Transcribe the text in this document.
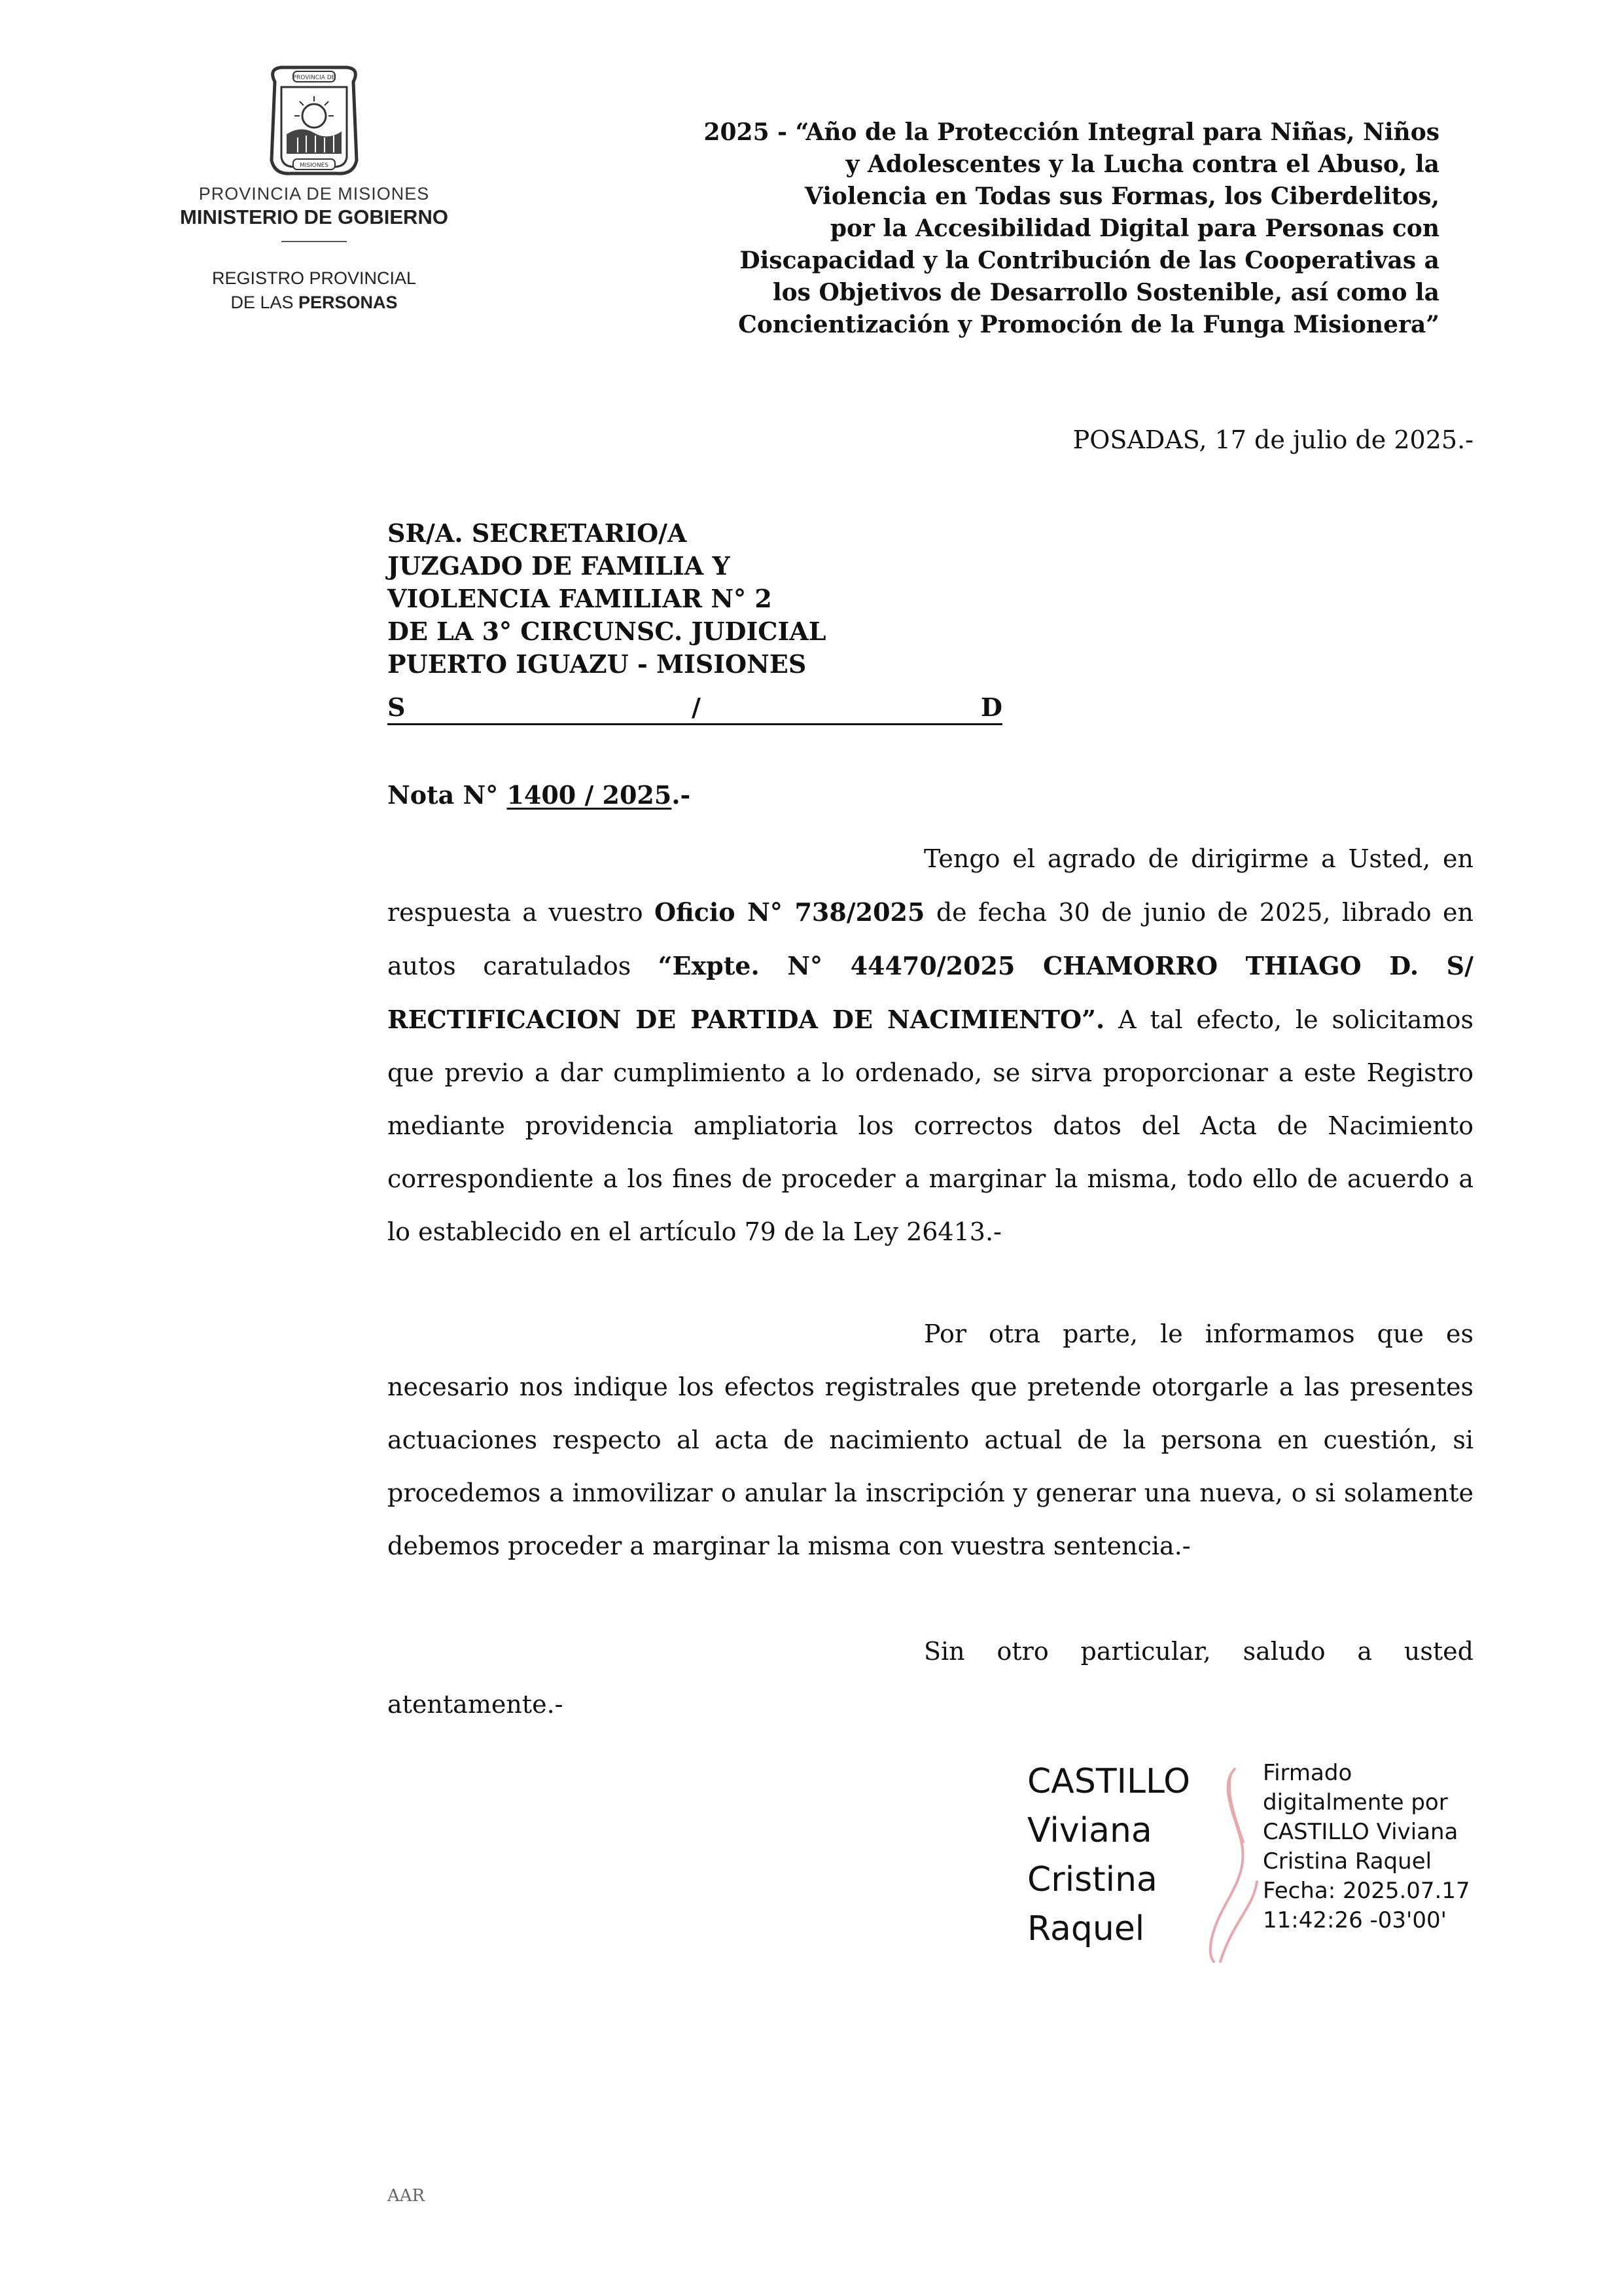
PROVINCIA DE
MISIONES
PROVINCIA DE MISIONES
MINISTERIO DE GOBIERNO
REGISTRO PROVINCIAL
DE LAS PERSONAS
2025 - “Año de la Protección Integral para Niñas, Niños
y Adolescentes y la Lucha contra el Abuso, la
Violencia en Todas sus Formas, los Ciberdelitos,
por la Accesibilidad Digital para Personas con
Discapacidad y la Contribución de las Cooperativas a
los Objetivos de Desarrollo Sostenible, así como la
Concientización y Promoción de la Funga Misionera”
POSADAS, 17 de julio de 2025.-
SR/A. SECRETARIO/A
JUZGADO DE FAMILIA Y
VIOLENCIA FAMILIAR N° 2
DE LA 3° CIRCUNSC. JUDICIAL
PUERTO IGUAZU - MISIONES
S	/	D
Nota N° 1400 / 2025.-
Tengo el agrado de dirigirme a Usted, en respuesta a vuestro Oficio N° 738/2025 de fecha 30 de junio de 2025, librado en autos caratulados “Expte. N° 44470/2025 CHAMORRO THIAGO D. S/ RECTIFICACION DE PARTIDA DE NACIMIENTO”. A tal efecto, le solicitamos que previo a dar cumplimiento a lo ordenado, se sirva proporcionar a este Registro mediante providencia ampliatoria los correctos datos del Acta de Nacimiento correspondiente a los fines de proceder a marginar la misma, todo ello de acuerdo a lo establecido en el artículo 79 de la Ley 26413.-
Por otra parte, le informamos que es necesario nos indique los efectos registrales que pretende otorgarle a las presentes actuaciones respecto al acta de nacimiento actual de la persona en cuestión, si procedemos a inmovilizar o anular la inscripción y generar una nueva, o si solamente debemos proceder a marginar la misma con vuestra sentencia.-
Sin otro particular, saludo a usted atentamente.-
CASTILLO
Viviana
Cristina
Raquel
Firmado
digitalmente por
CASTILLO Viviana
Cristina Raquel
Fecha: 2025.07.17
11:42:26 -03'00'
AAR
